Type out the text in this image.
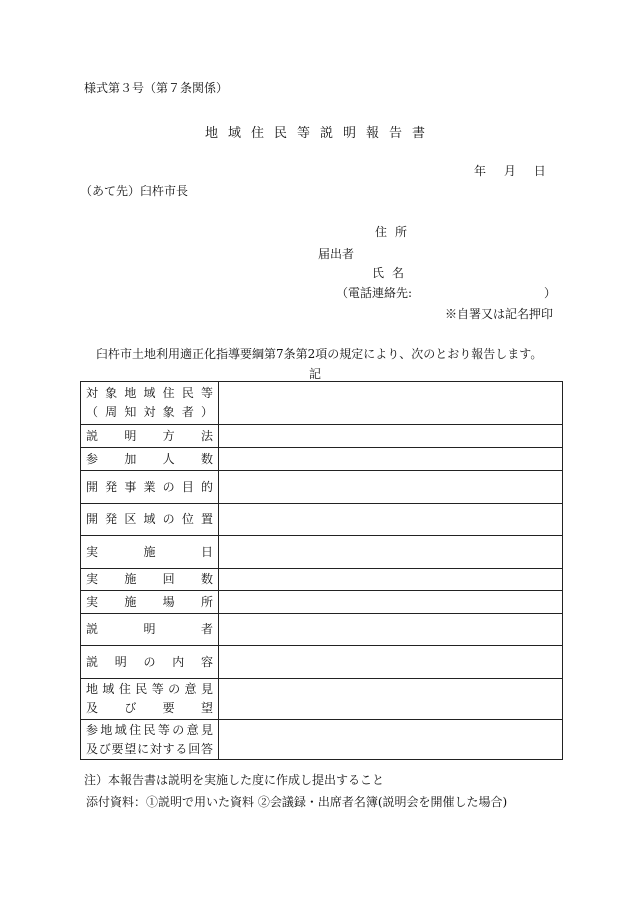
様式第３号（第７条関係）
地域住民等説明報告書
年 月 日
（あて先）臼杵市長
住所
届出者
氏名
（電話連絡先:	）
※自署又は記名押印
臼杵市土地利用適正化指導要綱第7条第2項の規定により、次のとおり報告します。
記
対象地域住民等
（周知対象者）	

説明方法	

参加人数	

開発事業の目的	

開発区域の位置	

実施日	

実施回数	

実施場所	

説明者	

説明の内容	

地域住民等の意見
及び要望	

参地域住民等の意見
及び要望に対する回答	

注）本報告書は説明を実施した度に作成し提出すること
添付資料：①説明で用いた資料 ②会議録・出席者名簿(説明会を開催した場合)
